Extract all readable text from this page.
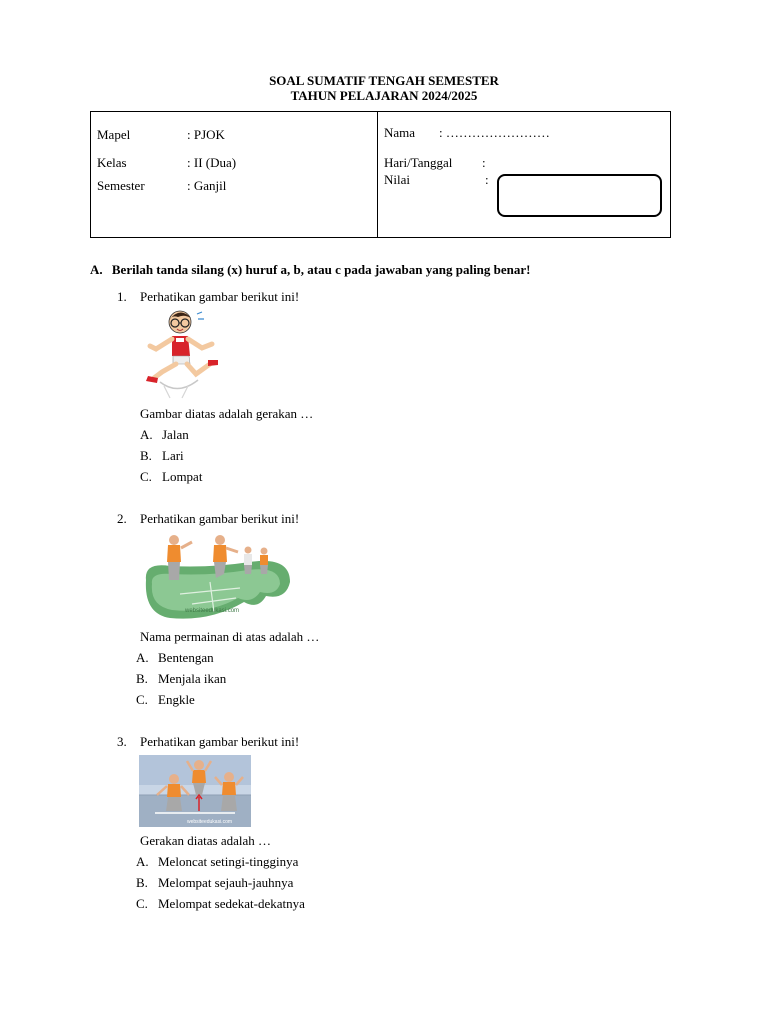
SOAL SUMATIF TENGAH SEMESTER
TAHUN PELAJARAN 2024/2025
Mapel	: PJOK
Kelas	: II (Dua)
Semester	: Ganjil
Nama : ……………………
Hari/Tanggal :
Nilai	:
A. Berilah tanda silang (x) huruf a, b, atau c pada jawaban yang paling benar!
1. Perhatikan gambar berikut ini!
Gambar diatas adalah gerakan …
A. Jalan
B. Lari
C. Lompat
2. Perhatikan gambar berikut ini!
websiteedukasi.com
Nama permainan di atas adalah …
A. Bentengan
B. Menjala ikan
C. Engkle
3. Perhatikan gambar berikut ini!
websiteedukasi.com
Gerakan diatas adalah …
A. Meloncat setingi-tingginya
B. Melompat sejauh-jauhnya
C. Melompat sedekat-dekatnya
